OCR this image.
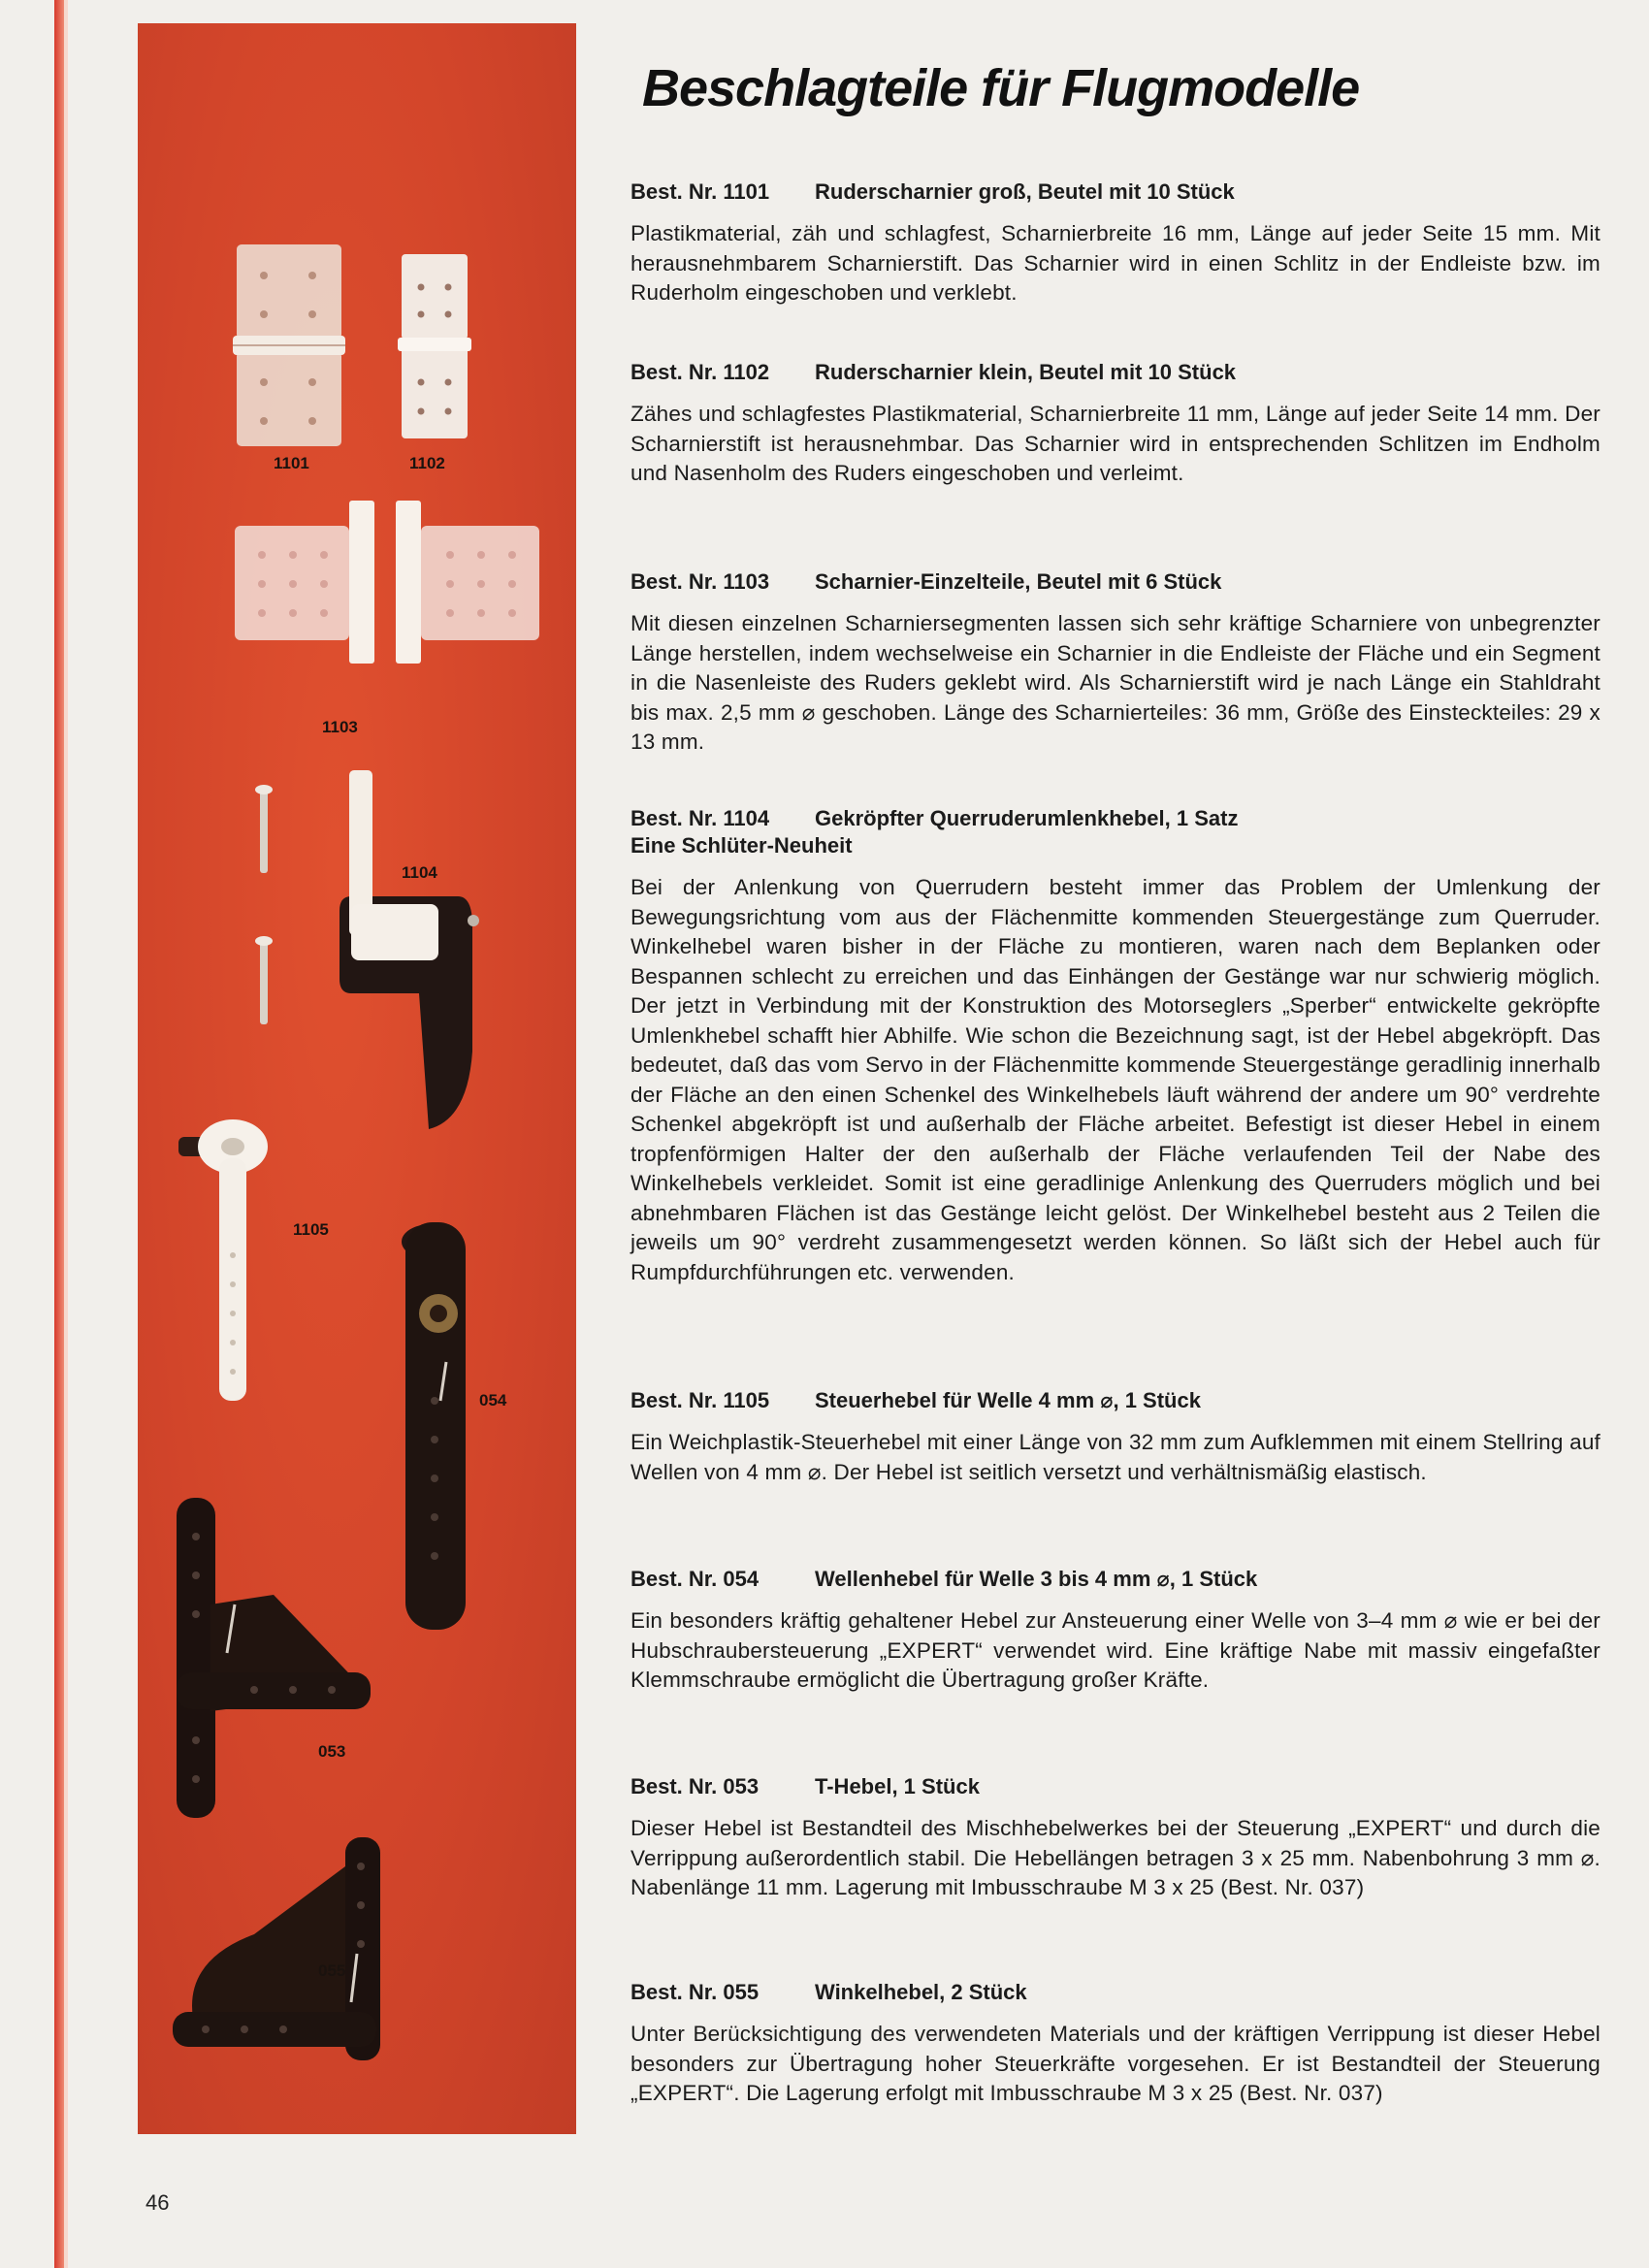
1101	1102
1103
1104
1105
054
053
055
Beschlagteile für Flugmodelle
Best. Nr. 1101 Ruderscharnier groß, Beutel mit 10 Stück

Plastikmaterial, zäh und schlagfest, Scharnierbreite 16 mm, Länge auf jeder Seite 15 mm. Mit herausnehmbarem Scharnierstift. Das Scharnier wird in einen Schlitz in der Endleiste bzw. im Ruderholm eingeschoben und verklebt.

Best. Nr. 1102 Ruderscharnier klein, Beutel mit 10 Stück

Zähes und schlagfestes Plastikmaterial, Scharnierbreite 11 mm, Länge auf jeder Seite 14 mm. Der Scharnierstift ist herausnehmbar. Das Scharnier wird in entsprechenden Schlitzen im Endholm und Nasenholm des Ruders eingeschoben und verleimt.

Best. Nr. 1103 Scharnier-Einzelteile, Beutel mit 6 Stück

Mit diesen einzelnen Scharniersegmenten lassen sich sehr kräftige Scharniere von unbegrenzter Länge herstellen, indem wechselweise ein Scharnier in die Endleiste der Fläche und ein Segment in die Nasenleiste des Ruders geklebt wird. Als Scharnierstift wird je nach Länge ein Stahldraht bis max. 2,5 mm ⌀ geschoben. Länge des Scharnierteiles: 36 mm, Größe des Einsteckteiles: 29 x 13 mm.

Best. Nr. 1104 Gekröpfter Querruderumlenkhebel, 1 Satz
Eine Schlüter-Neuheit

Bei der Anlenkung von Querrudern besteht immer das Problem der Umlenkung der Bewegungsrichtung vom aus der Flächenmitte kommenden Steuergestänge zum Querruder. Winkelhebel waren bisher in der Fläche zu montieren, waren nach dem Beplanken oder Bespannen schlecht zu erreichen und das Einhängen der Gestänge war nur schwierig möglich. Der jetzt in Verbindung mit der Konstruktion des Motorseglers „Sperber“ entwickelte gekröpfte Umlenkhebel schafft hier Abhilfe. Wie schon die Bezeichnung sagt, ist der Hebel abgekröpft. Das bedeutet, daß das vom Servo in der Flächenmitte kommende Steuergestänge geradlinig innerhalb der Fläche an den einen Schenkel des Winkelhebels läuft während der andere um 90° verdrehte Schenkel abgekröpft ist und außerhalb der Fläche arbeitet. Befestigt ist dieser Hebel in einem tropfenförmigen Halter der den außerhalb der Fläche verlaufenden Teil der Nabe des Winkelhebels verkleidet. Somit ist eine geradlinige Anlenkung des Querruders möglich und bei abnehmbaren Flächen ist das Gestänge leicht gelöst. Der Winkelhebel besteht aus 2 Teilen die jeweils um 90° verdreht zusammengesetzt werden können. So läßt sich der Hebel auch für Rumpfdurchführungen etc. verwenden.

Best. Nr. 1105 Steuerhebel für Welle 4 mm ⌀, 1 Stück

Ein Weichplastik-Steuerhebel mit einer Länge von 32 mm zum Aufklemmen mit einem Stellring auf Wellen von 4 mm ⌀. Der Hebel ist seitlich versetzt und verhältnismäßig elastisch.

Best. Nr. 054	Wellenhebel für Welle 3 bis 4 mm ⌀, 1 Stück

Ein besonders kräftig gehaltener Hebel zur Ansteuerung einer Welle von 3–4 mm ⌀ wie er bei der Hubschraubersteuerung „EXPERT“ verwendet wird. Eine kräftige Nabe mit massiv eingefaßter Klemmschraube ermöglicht die Übertragung großer Kräfte.

Best. Nr. 053	T-Hebel, 1 Stück

Dieser Hebel ist Bestandteil des Mischhebelwerkes bei der Steuerung „EXPERT“ und durch die Verrippung außerordentlich stabil. Die Hebellängen betragen 3 x 25 mm. Nabenbohrung 3 mm ⌀. Nabenlänge 11 mm. Lagerung mit Imbusschraube M 3 x 25 (Best. Nr. 037)

Best. Nr. 055	Winkelhebel, 2 Stück

Unter Berücksichtigung des verwendeten Materials und der kräftigen Verrippung ist dieser Hebel besonders zur Übertragung hoher Steuerkräfte vorgesehen. Er ist Bestandteil der Steuerung „EXPERT“. Die Lagerung erfolgt mit Imbusschraube M 3 x 25 (Best. Nr. 037)

46
